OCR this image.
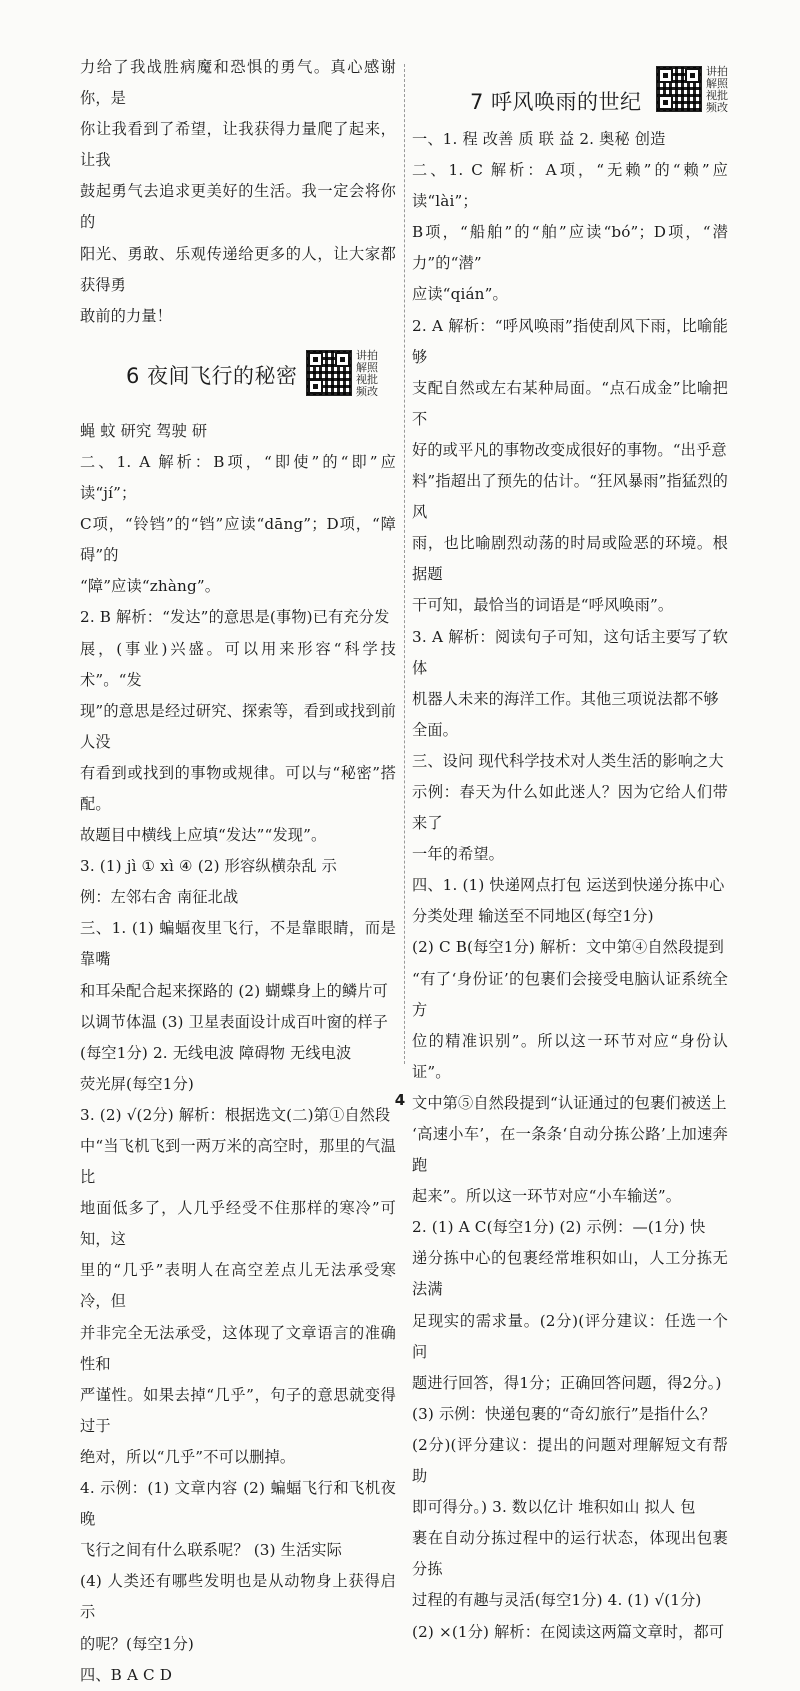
力给了我战胜病魔和恐惧的勇气。真心感谢你，是
你让我看到了希望，让我获得力量爬了起来，让我
鼓起勇气去追求更美好的生活。我一定会将你的
阳光、勇敢、乐观传递给更多的人，让大家都获得勇
敢前的力量！
6 夜间飞行的秘密
讲拍解照视批频改
蝇 蚊 研究 驾驶 研
二、1. A 解析：B项，“即使”的“即”应读“jí”；
C项，“铃铛”的“铛”应读“dāng”；D项，“障碍”的
“障”应读“zhàng”。
2. B 解析：“发达”的意思是(事物)已有充分发
展，(事业)兴盛。可以用来形容“科学技术”。“发
现”的意思是经过研究、探索等，看到或找到前人没
有看到或找到的事物或规律。可以与“秘密”搭配。
故题目中横线上应填“发达”“发现”。
3. (1) jì ① xì ④ (2) 形容纵横杂乱 示
例：左邻右舍 南征北战
三、1. (1) 蝙蝠夜里飞行，不是靠眼睛，而是靠嘴
和耳朵配合起来探路的 (2) 蝴蝶身上的鳞片可
以调节体温 (3) 卫星表面设计成百叶窗的样子
(每空1分) 2. 无线电波 障碍物 无线电波
荧光屏(每空1分)
3. (2) √(2分) 解析：根据选文(二)第①自然段
中“当飞机飞到一两万米的高空时，那里的气温比
地面低多了，人几乎经受不住那样的寒冷”可知，这
里的“几乎”表明人在高空差点儿无法承受寒冷，但
并非完全无法承受，这体现了文章语言的准确性和
严谨性。如果去掉“几乎”，句子的意思就变得过于
绝对，所以“几乎”不可以删掉。
4. 示例：(1) 文章内容 (2) 蝙蝠飞行和飞机夜晚
飞行之间有什么联系呢？ (3) 生活实际
(4) 人类还有哪些发明也是从动物身上获得启示
的呢？(每空1分)
四、B A C D
7 呼风唤雨的世纪
讲拍解照视批频改
一、1. 程 改善 质 联 益 2. 奥秘 创造
二、1. C 解析：A项，“无赖”的“赖”应读“lài”；
B项，“船舶”的“舶”应读“bó”；D项，“潜力”的“潜”
应读“qián”。
2. A 解析：“呼风唤雨”指使刮风下雨，比喻能够
支配自然或左右某种局面。“点石成金”比喻把不
好的或平凡的事物改变成很好的事物。“出乎意
料”指超出了预先的估计。“狂风暴雨”指猛烈的风
雨，也比喻剧烈动荡的时局或险恶的环境。根据题
干可知，最恰当的词语是“呼风唤雨”。
3. A 解析：阅读句子可知，这句话主要写了软体
机器人未来的海洋工作。其他三项说法都不够
全面。
三、设问 现代科学技术对人类生活的影响之大
示例：春天为什么如此迷人？因为它给人们带来了
一年的希望。
四、1. (1) 快递网点打包 运送到快递分拣中心
分类处理 输送至不同地区(每空1分)
(2) C B(每空1分) 解析：文中第④自然段提到
“有了‘身份证’的包裹们会接受电脑认证系统全方
位的精准识别”。所以这一环节对应“身份认证”。
文中第⑤自然段提到“认证通过的包裹们被送上
‘高速小车’，在一条条‘自动分拣公路’上加速奔跑
起来”。所以这一环节对应“小车输送”。
2. (1) A C(每空1分) (2) 示例：—(1分) 快
递分拣中心的包裹经常堆积如山，人工分拣无法满
足现实的需求量。(2分)(评分建议：任选一个问
题进行回答，得1分；正确回答问题，得2分。)
(3) 示例：快递包裹的“奇幻旅行”是指什么？
(2分)(评分建议：提出的问题对理解短文有帮助
即可得分。) 3. 数以亿计 堆积如山 拟人 包
裹在自动分拣过程中的运行状态，体现出包裹分拣
过程的有趣与灵活(每空1分) 4. (1) √(1分)
(2) ×(1分) 解析：在阅读这两篇文章时，都可
4
